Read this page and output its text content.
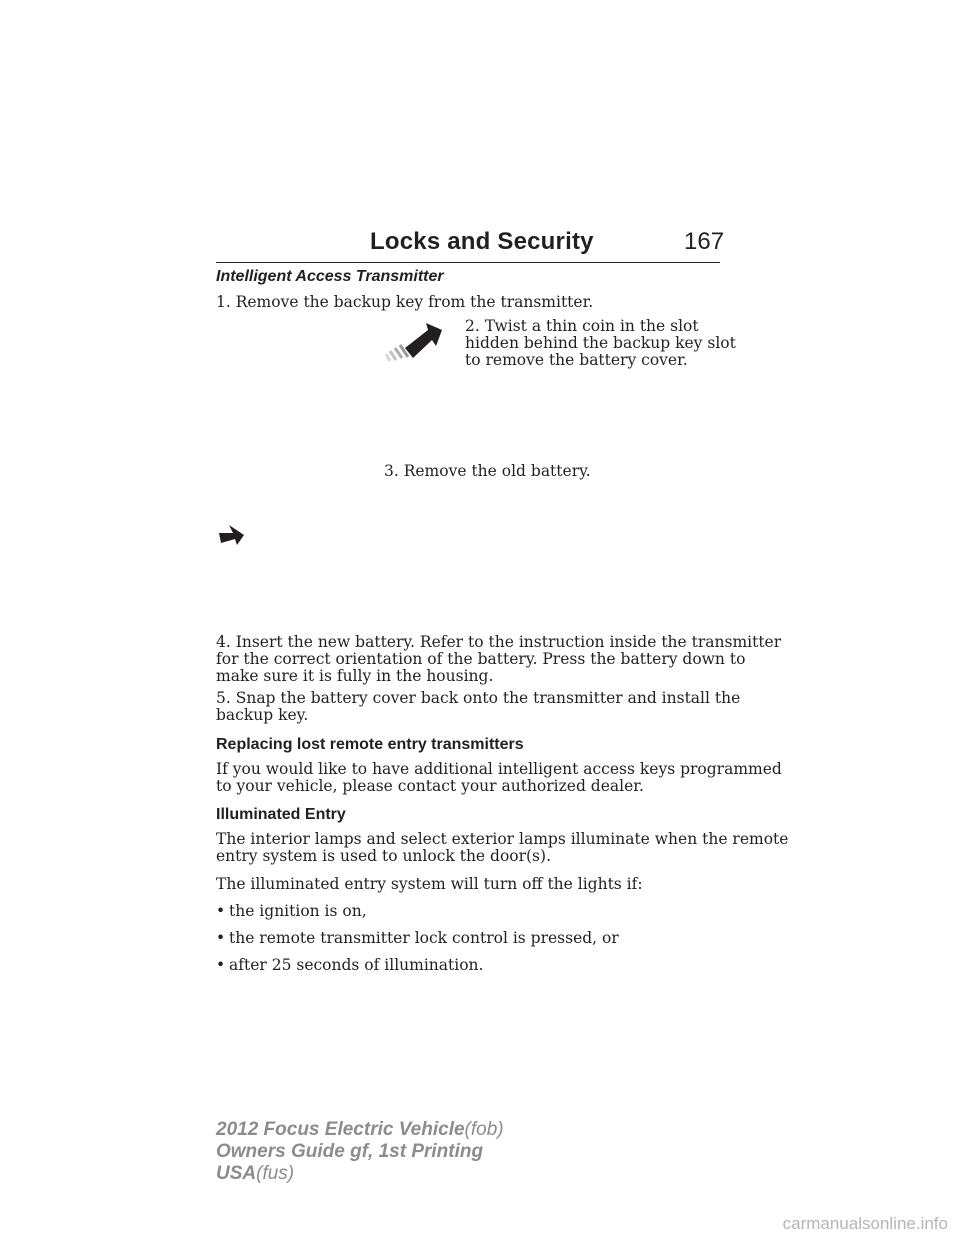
Locks and Security	167
Intelligent Access Transmitter
1. Remove the backup key from the transmitter.
2. Twist a thin coin in the slot
hidden behind the backup key slot
to remove the battery cover.
3. Remove the old battery.
4. Insert the new battery. Refer to the instruction inside the transmitter
for the correct orientation of the battery. Press the battery down to
make sure it is fully in the housing.
5. Snap the battery cover back onto the transmitter and install the
backup key.
Replacing lost remote entry transmitters
If you would like to have additional intelligent access keys programmed
to your vehicle, please contact your authorized dealer.
Illuminated Entry
The interior lamps and select exterior lamps illuminate when the remote
entry system is used to unlock the door(s).
The illuminated entry system will turn off the lights if:
• the ignition is on,
• the remote transmitter lock control is pressed, or
• after 25 seconds of illumination.
2012 Focus Electric Vehicle(fob)
Owners Guide gf, 1st Printing
USA(fus)
carmanualsonline.info
